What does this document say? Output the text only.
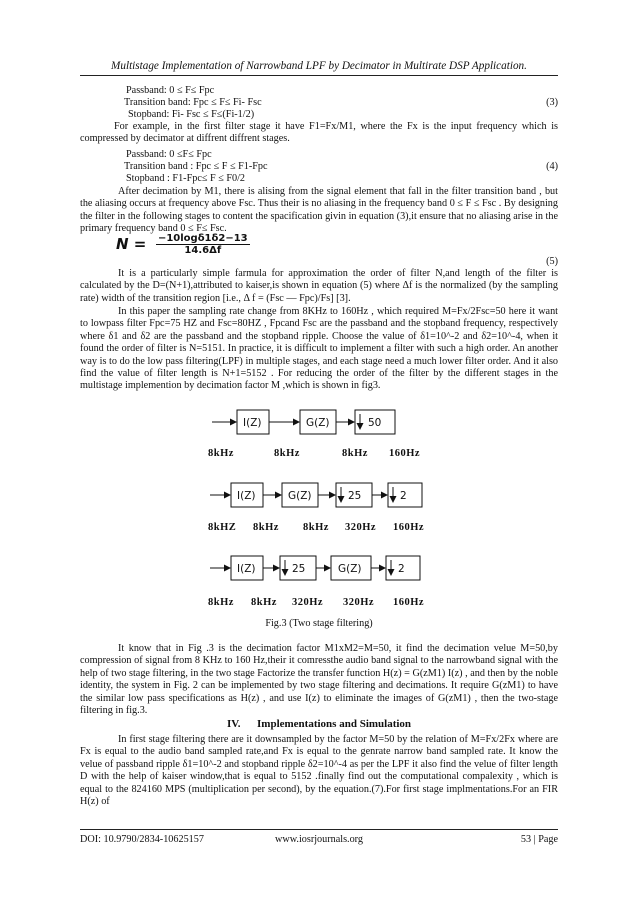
Multistage Implementation of Narrowband LPF by Decimator in Multirate DSP Application.
Passband: 0 ≤ F≤ Fpc
Transition band: Fpc ≤ F≤ Fi- Fsc	(3)
Stopband: Fi- Fsc ≤ F≤(Fi-1/2)
For example, in the first filter stage it have F1=Fx/M1, where the Fx is the input frequency which is compressed by decimator at diffrent diffrent stages.
Passband: 0 ≤F≤ Fpc
Transition band : Fpc ≤ F ≤ F1-Fpc	(4)
Stopband : F1-Fpc≤ F ≤ F0/2
After decimation by M1, there is alising from the signal element that fall in the filter transition band , but the aliasing occurs at frequency above Fsc. Thus their is no aliasing in the frequency band 0 ≤ F ≤ Fsc . By designing the filter in the following stages to content the spacification givin in equation (3),it ensure that no aliasing arise in the primary frequency band 0 ≤ F≤ Fsc.
$N = \frac{-10\log\delta 1\delta 2-13}{14.6\Delta f}$
(5)
It is a particularly simple farmula for approximation the order of filter N,and length of the filter is calculated by the D=(N+1),attributed to kaiser,is shown in equation (5) where Δf is the normalized (by the sampling rate) width of the transition region [i.e., Δ f = (Fsc — Fpc)/Fs] [3].
In this paper the sampling rate change from 8KHz to 160Hz , which required M=Fx/2Fsc=50 here it want to lowpass filter Fpc=75 HZ and Fsc=80HZ , Fpcand Fsc are the passband and the stopband frequency, respectively where δ1 and δ2 are the passband and the stopband ripple. Choose the value of δ1=10^-2 and δ2=10^-4, when it found the order of filter is N=5151. In practice, it is difficult to implement a filter with such a high order. An another way is to do the low pass filtering(LPF) in multiple stages, and each stage need a much lower filter order. And it also find the value of filter length is N+1=5152 . For reducing the order of the filter by the different stages in the multistage implemention by decimation factor M ,which is shown in fig3.
I(Z)	G(Z)	50
I(Z)	G(Z)	25	2
I(Z)	25	G(Z)	2
8kHz	8kHz	8kHz 160Hz
8kHZ 8kHz 8kHz 320Hz 160Hz
8kHz 8kHz 320Hz 320Hz 160Hz
Fig.3 (Two stage filtering)
It know that in Fig .3 is the decimation factor M1xM2=M=50, it find the decimation velue M=50,by compression of signal from 8 KHz to 160 Hz,their it comressthe audio band signal to the narrowband signal with the help of two stage filtering, in the two stage Factorize the transfer function H(z) = G(zM1) I(z) , and then by the noble identity, the system in Fig. 2 can be implemented by two stage filtering and decimations. It require G(zM1) to have the similar low pass specifications as H(z) , and use I(z) to eliminate the images of G(zM1) , then the two-stage filtering in fig.3.
IV. Implementations and Simulation
In first stage filtering there are it downsampled by the factor M=50 by the relation of M=Fx/2Fx where are Fx is equal to the audio band sampled rate,and Fx is equal to the genrate narrow band sampled rate. It know the velue of passband ripple δ1=10^-2 and stopband ripple δ2=10^-4 as per the LPF it also find the velue of filter length D with the help of kaiser window,that is equal to 5152 .finally find out the computational compalexity , which is equal to the 824160 MPS (multiplication per second), by the equation.(7).For first stage implmentations.For an FIR H(z) of
DOI: 10.9790/2834-10625157	www.iosrjournals.org	53 | Page
